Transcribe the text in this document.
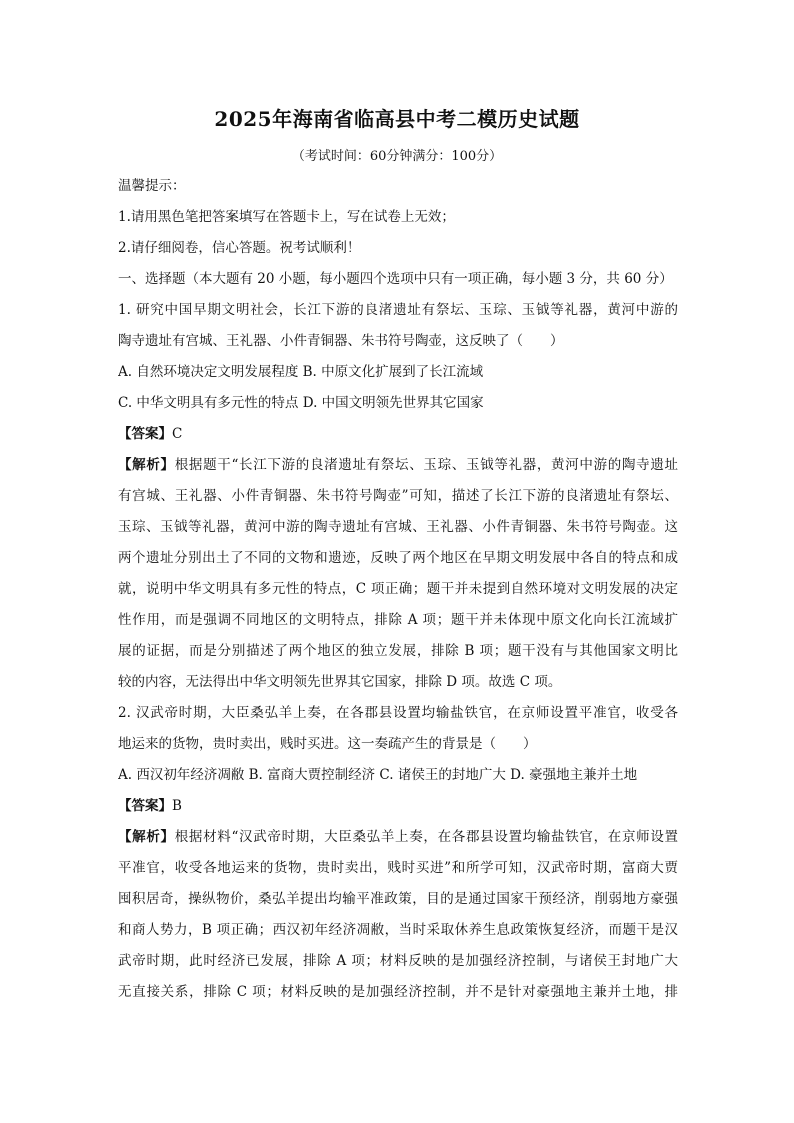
2025年海南省临高县中考二模历史试题
（考试时间：60分钟满分：100分）
温馨提示：
1.请用黑色笔把答案填写在答题卡上，写在试卷上无效；
2.请仔细阅卷，信心答题。祝考试顺利！
一、选择题（本大题有 20 小题，每小题四个选项中只有一项正确，每小题 3 分，共 60 分）
1. 研究中国早期文明社会，长江下游的良渚遗址有祭坛、玉琮、玉钺等礼器，黄河中游的
陶寺遗址有宫城、王礼器、小件青铜器、朱书符号陶壶，这反映了（　　）
A. 自然环境决定文明发展程度 B. 中原文化扩展到了长江流域
C. 中华文明具有多元性的特点 D. 中国文明领先世界其它国家
【答案】C
【解析】根据题干“长江下游的良渚遗址有祭坛、玉琮、玉钺等礼器，黄河中游的陶寺遗址
有宫城、王礼器、小件青铜器、朱书符号陶壶”可知，描述了长江下游的良渚遗址有祭坛、
玉琮、玉钺等礼器，黄河中游的陶寺遗址有宫城、王礼器、小件青铜器、朱书符号陶壶。这
两个遗址分别出土了不同的文物和遗迹，反映了两个地区在早期文明发展中各自的特点和成
就，说明中华文明具有多元性的特点，C 项正确；题干并未提到自然环境对文明发展的决定
性作用，而是强调不同地区的文明特点，排除 A 项；题干并未体现中原文化向长江流域扩
展的证据，而是分别描述了两个地区的独立发展，排除 B 项；题干没有与其他国家文明比
较的内容，无法得出中华文明领先世界其它国家，排除 D 项。故选 C 项。
2. 汉武帝时期，大臣桑弘羊上奏，在各郡县设置均输盐铁官，在京师设置平准官，收受各
地运来的货物，贵时卖出，贱时买进。这一奏疏产生的背景是（　　）
A. 西汉初年经济凋敝 B. 富商大贾控制经济 C. 诸侯王的封地广大 D. 豪强地主兼并土地
【答案】B
【解析】根据材料“汉武帝时期，大臣桑弘羊上奏，在各郡县设置均输盐铁官，在京师设置
平准官，收受各地运来的货物，贵时卖出，贱时买进”和所学可知，汉武帝时期，富商大贾
囤积居奇，操纵物价，桑弘羊提出均输平准政策，目的是通过国家干预经济，削弱地方豪强
和商人势力，B 项正确；西汉初年经济凋敝，当时采取休养生息政策恢复经济，而题干是汉
武帝时期，此时经济已发展，排除 A 项；材料反映的是加强经济控制，与诸侯王封地广大
无直接关系，排除 C 项；材料反映的是加强经济控制，并不是针对豪强地主兼并土地，排
